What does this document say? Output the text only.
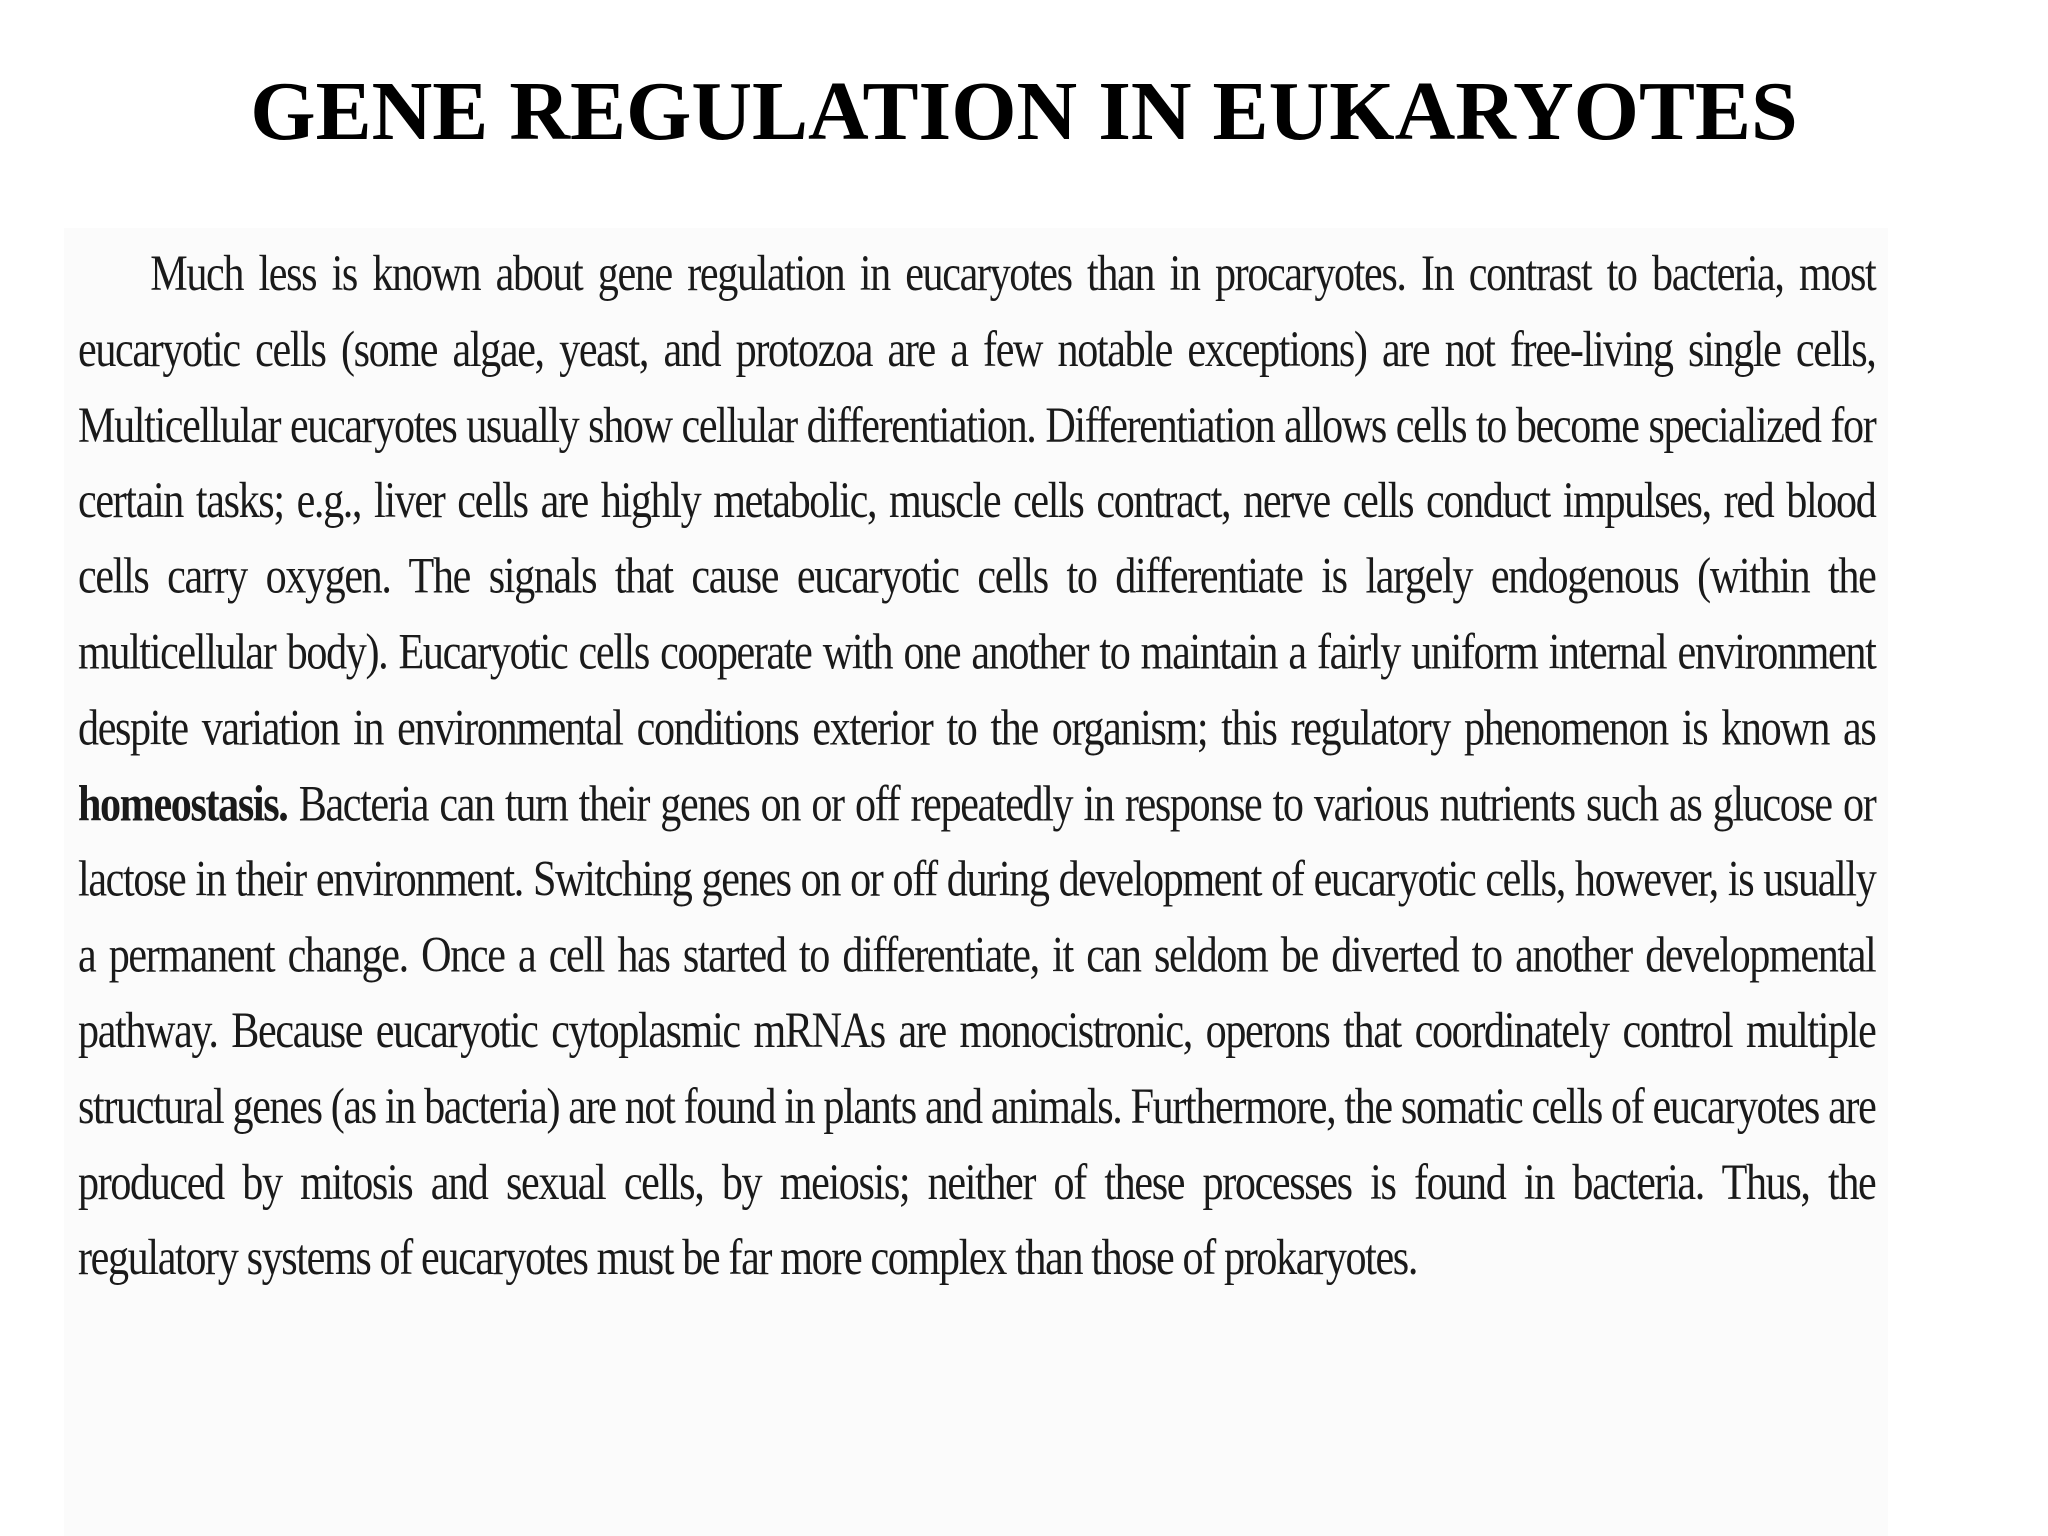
GENE REGULATION IN EUKARYOTES

Much less is known about gene regulation in eucaryotes than in procaryotes. In contrast to bacteria, most eucaryotic cells (some algae, yeast, and protozoa are a few notable exceptions) are not free-living single cells, Multicellular eucaryotes usually show cellular differentiation. Differentiation allows cells to become specialized for certain tasks; e.g., liver cells are highly metabolic, muscle cells contract, nerve cells conduct impulses, red blood cells carry oxygen. The signals that cause eucaryotic cells to differentiate is largely endogenous (within the multicellular body). Eucaryotic cells cooperate with one another to maintain a fairly uniform internal environment despite variation in environmental conditions exterior to the organism; this regulatory phenomenon is known as homeostasis. Bacteria can turn their genes on or off repeatedly in response to various nutrients such as glucose or lactose in their environment. Switching genes on or off during development of eucaryotic cells, however, is usually a permanent change. Once a cell has started to differentiate, it can seldom be diverted to another developmental pathway. Because eucaryotic cytoplasmic mRNAs are monocistronic, operons that coordinately control multiple structural genes (as in bacteria) are not found in plants and animals. Furthermore, the somatic cells of eucaryotes are produced by mitosis and sexual cells, by meiosis; neither of these processes is found in bacteria. Thus, the regulatory systems of eucaryotes must be far more complex than those of prokaryotes.
